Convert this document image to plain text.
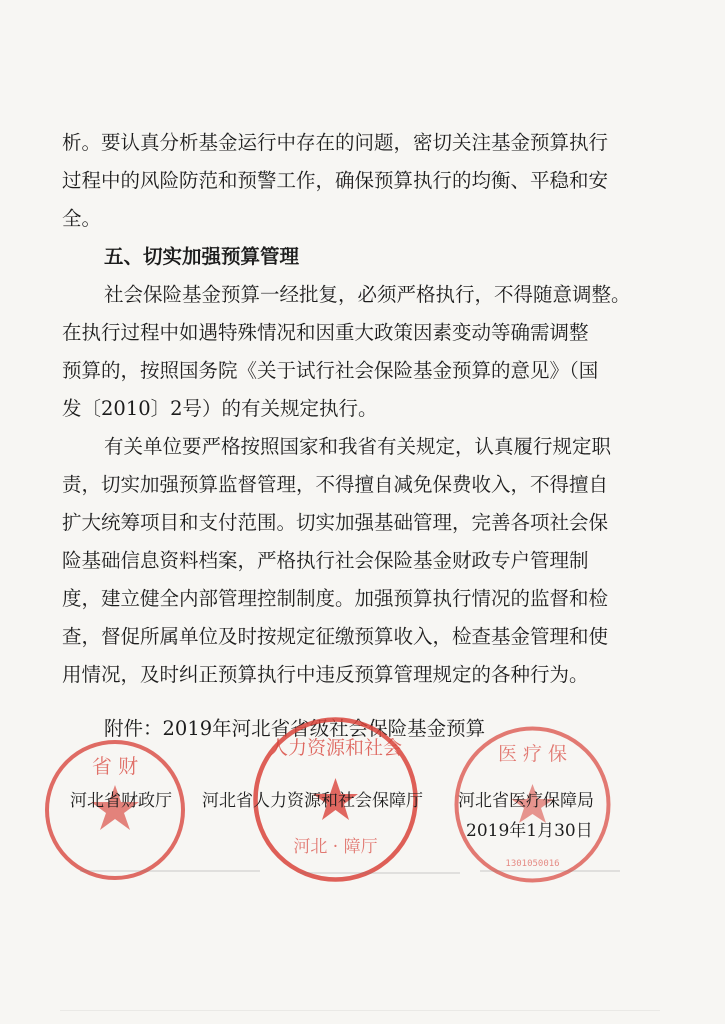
析。要认真分析基金运行中存在的问题，密切关注基金预算执行
过程中的风险防范和预警工作，确保预算执行的均衡、平稳和安
全。
五、切实加强预算管理
社会保险基金预算一经批复，必须严格执行，不得随意调整。
在执行过程中如遇特殊情况和因重大政策因素变动等确需调整
预算的，按照国务院《关于试行社会保险基金预算的意见》（国
发〔2010〕2号）的有关规定执行。
有关单位要严格按照国家和我省有关规定，认真履行规定职
责，切实加强预算监督管理，不得擅自减免保费收入，不得擅自
扩大统筹项目和支付范围。切实加强基础管理，完善各项社会保
险基础信息资料档案，严格执行社会保险基金财政专户管理制
度，建立健全内部管理控制制度。加强预算执行情况的监督和检
查，督促所属单位及时按规定征缴预算收入，检查基金管理和使
用情况，及时纠正预算执行中违反预算管理规定的各种行为。
附件：2019年河北省省级社会保险基金预算
省 财
人力资源和社会
河北 · 障厅
医 疗 保
1301050016
河北省财政厅 河北省人力资源和社会保障厅 河北省医疗保障局
2019年1月30日
